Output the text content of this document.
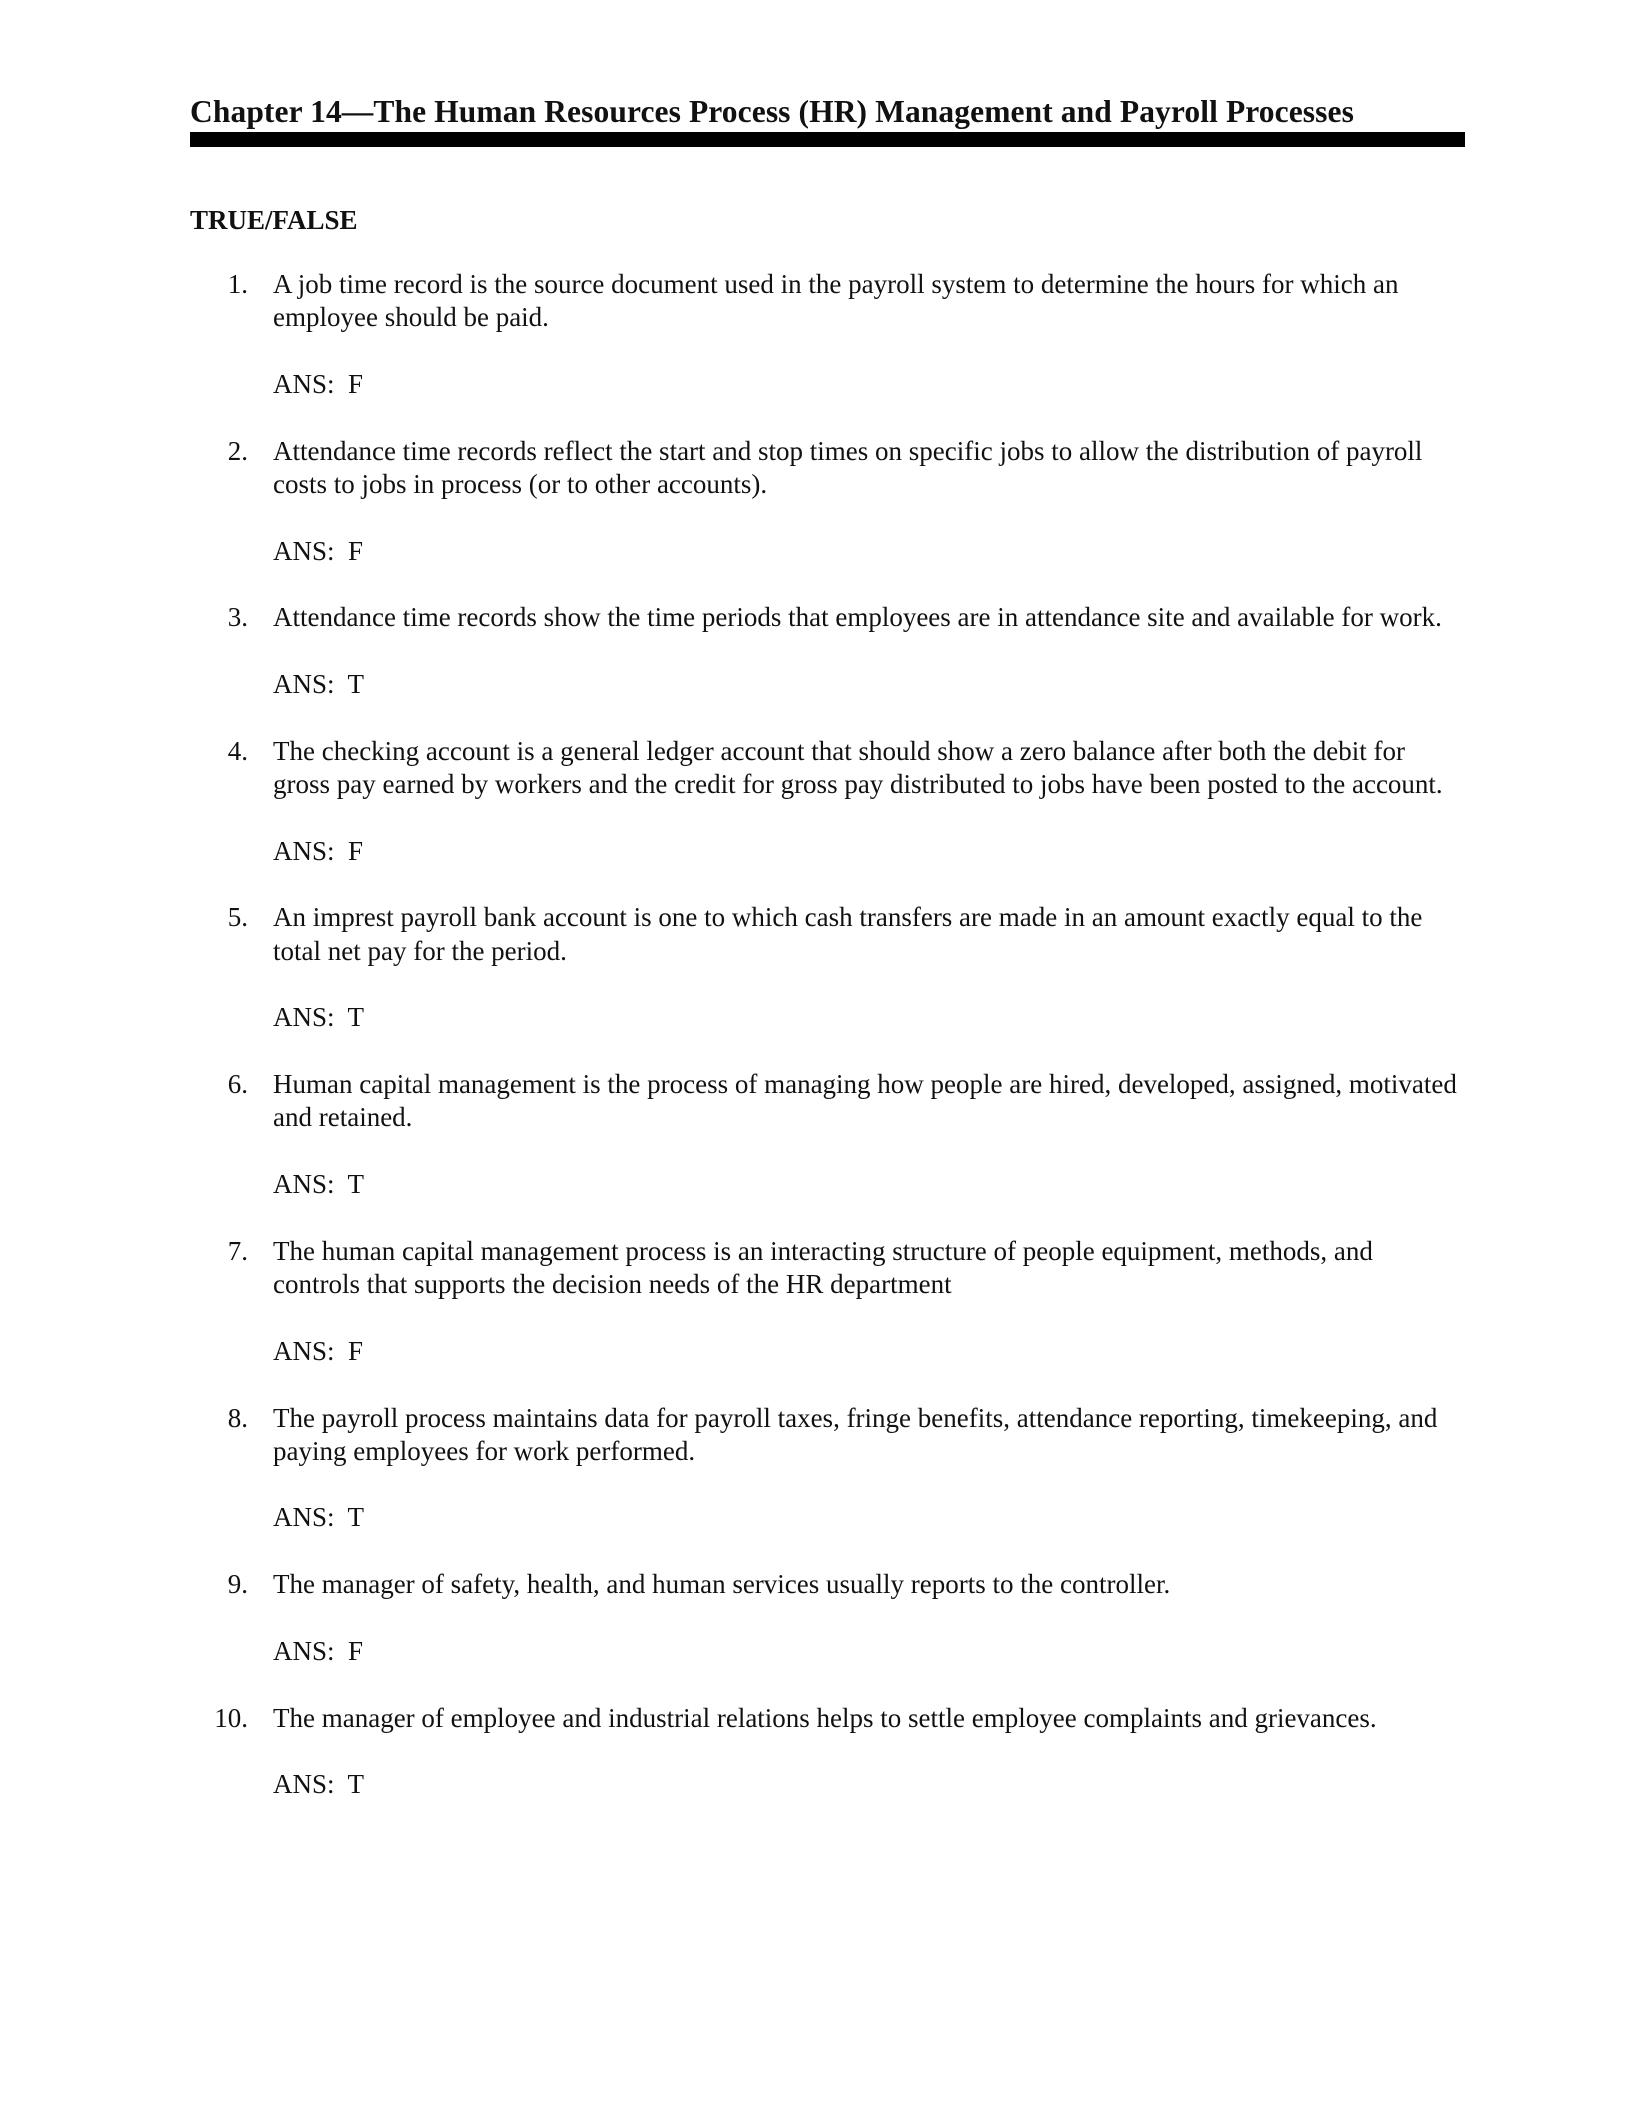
Chapter 14—The Human Resources Process (HR) Management and Payroll Processes
TRUE/FALSE
1. A job time record is the source document used in the payroll system to determine the hours for which an employee should be paid.
ANS: F
2. Attendance time records reflect the start and stop times on specific jobs to allow the distribution of payroll costs to jobs in process (or to other accounts).
ANS: F
3. Attendance time records show the time periods that employees are in attendance site and available for work.
ANS: T
4. The checking account is a general ledger account that should show a zero balance after both the debit for gross pay earned by workers and the credit for gross pay distributed to jobs have been posted to the account.
ANS: F
5. An imprest payroll bank account is one to which cash transfers are made in an amount exactly equal to the total net pay for the period.
ANS: T
6. Human capital management is the process of managing how people are hired, developed, assigned, motivated and retained.
ANS: T
7. The human capital management process is an interacting structure of people equipment, methods, and controls that supports the decision needs of the HR department
ANS: F
8. The payroll process maintains data for payroll taxes, fringe benefits, attendance reporting, timekeeping, and paying employees for work performed.
ANS: T
9. The manager of safety, health, and human services usually reports to the controller.
ANS: F
10. The manager of employee and industrial relations helps to settle employee complaints and grievances.
ANS: T
